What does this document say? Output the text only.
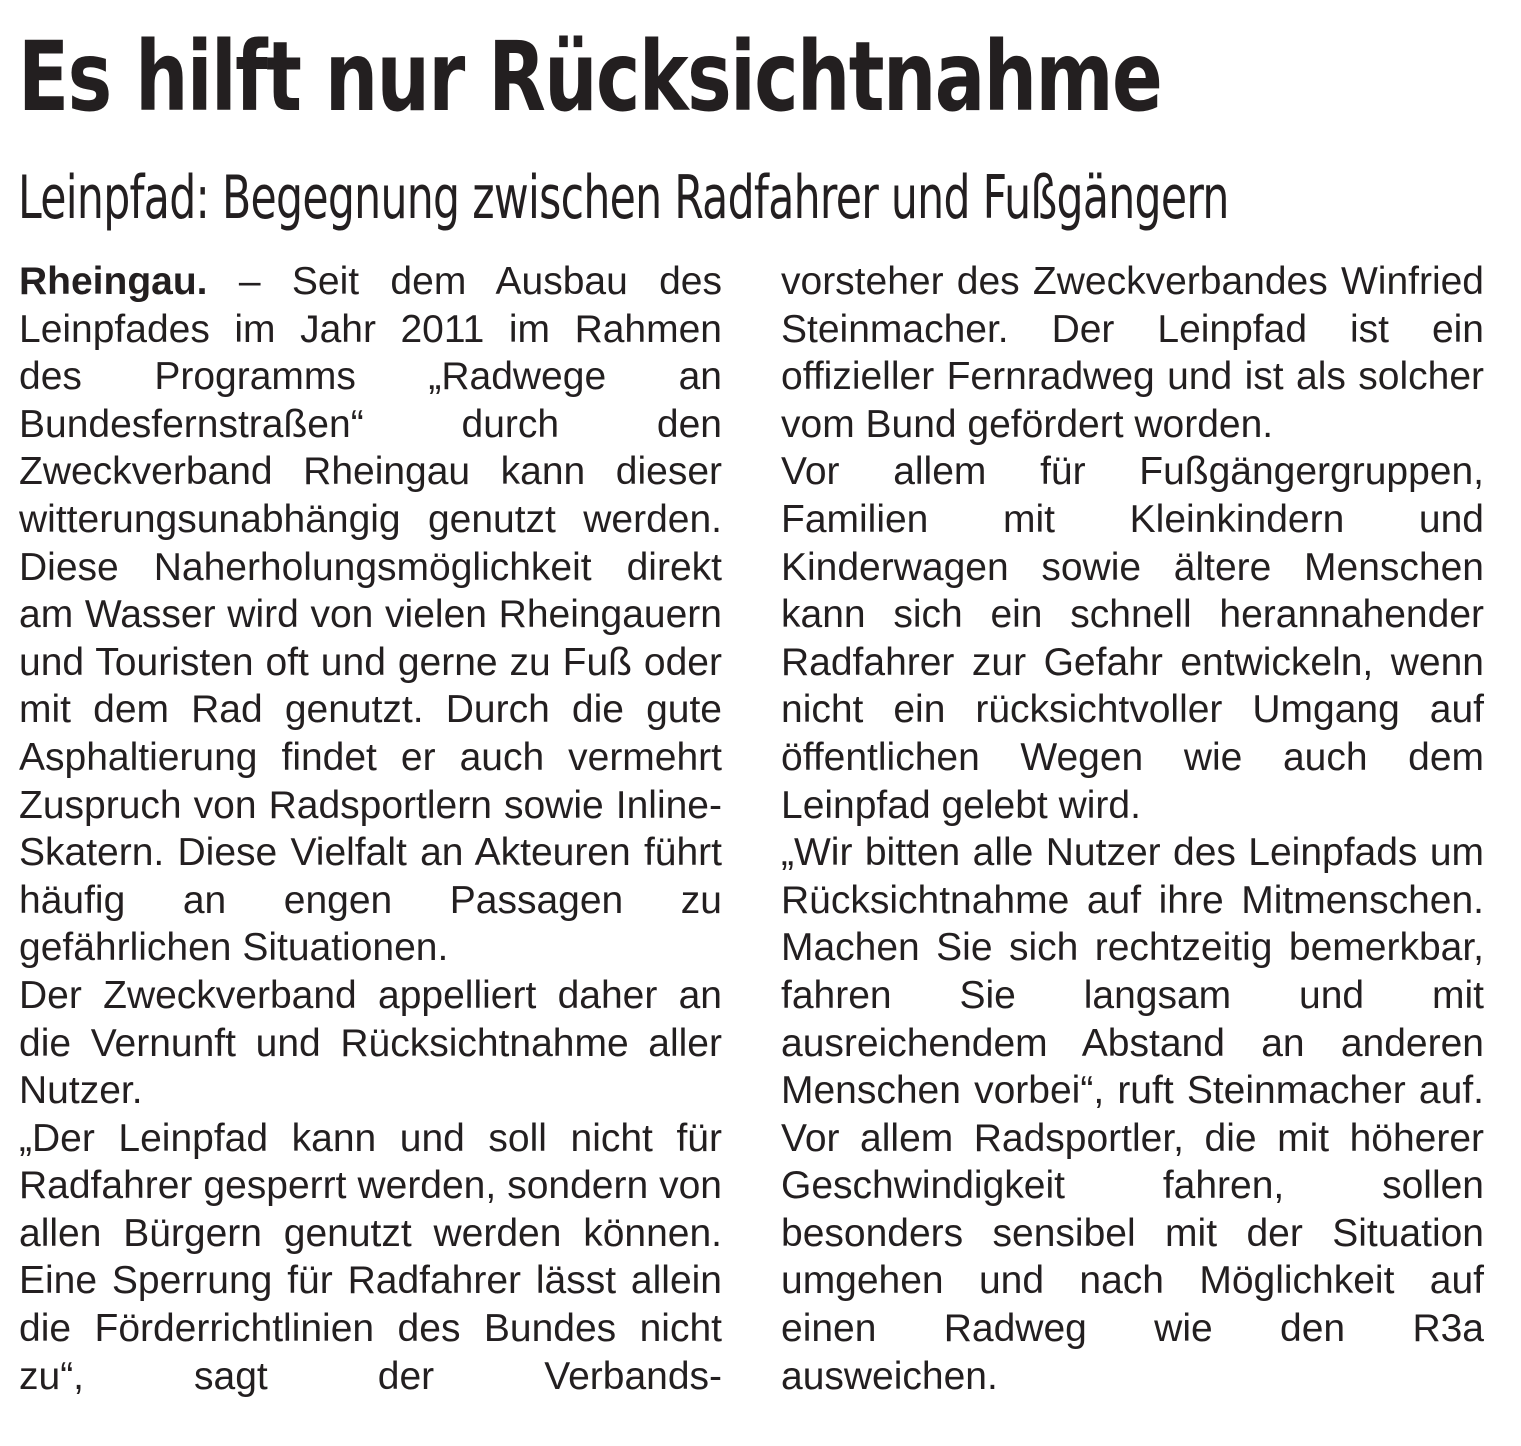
Es hilft nur Rücksichtnahme
Leinpfad: Begegnung zwischen Radfahrer und Fußgängern

Rheingau. – Seit dem Ausbau des Leinpfades im Jahr 2011 im Rahmen des Programms „Radwege an Bundesfernstraßen“ durch den Zweckverband Rheingau kann dieser witterungsunabhängig genutzt werden. Diese Naherholungsmöglichkeit direkt am Wasser wird von vielen Rheingauern und Touristen oft und gerne zu Fuß oder mit dem Rad genutzt. Durch die gute Asphaltierung findet er auch vermehrt Zuspruch von Radsportlern sowie Inline-Skatern. Diese Vielfalt an Akteuren führt häufig an engen Passagen zu gefährlichen Situationen.

Der Zweckverband appelliert daher an die Vernunft und Rücksichtnahme aller Nutzer.

„Der Leinpfad kann und soll nicht für Radfahrer gesperrt werden, sondern von allen Bürgern genutzt werden können. Eine Sperrung für Radfahrer lässt allein die Förderrichtlinien des Bundes nicht zu“, sagt der Verbands-

vorsteher des Zweckverbandes Winfried Steinmacher. Der Leinpfad ist ein offizieller Fernradweg und ist als solcher vom Bund gefördert worden.

Vor allem für Fußgängergruppen, Familien mit Kleinkindern und Kinderwagen sowie ältere Menschen kann sich ein schnell herannahender Radfahrer zur Gefahr entwickeln, wenn nicht ein rücksichtvoller Umgang auf öffentlichen Wegen wie auch dem Leinpfad gelebt wird.

„Wir bitten alle Nutzer des Leinpfads um Rücksichtnahme auf ihre Mitmenschen. Machen Sie sich rechtzeitig bemerkbar, fahren Sie langsam und mit ausreichendem Abstand an anderen Menschen vorbei“, ruft Steinmacher auf. Vor allem Radsportler, die mit höherer Geschwindigkeit fahren, sollen besonders sensibel mit der Situation umgehen und nach Möglichkeit auf einen Radweg wie den R3a ausweichen.
